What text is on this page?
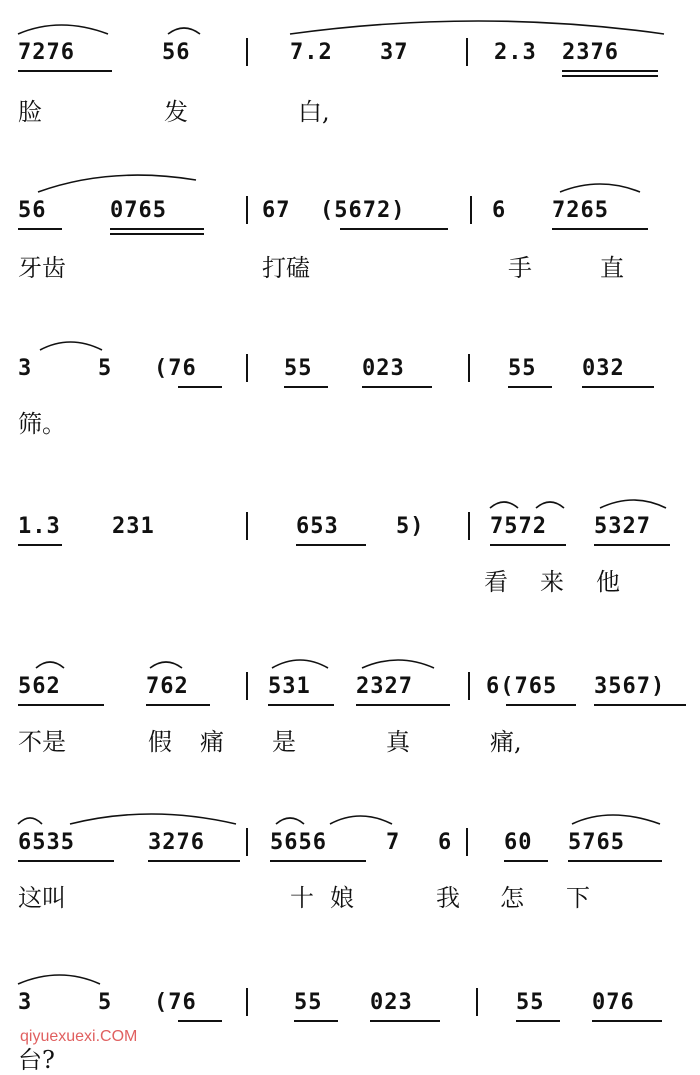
7276	56	7.2 37	2.3 2376
脸	发	白,
56	0765	67 (5672)	6 7265
牙齿	打磕	手	直
3	5 (76	55 023	55 032
筛。
1.3 231	653	5)	7572 5327
看 来 他
562	762	531 2327	6(765 3567)
不是	假 痛 是	真	痛,
6535	3276	5656	7 6 60 5765
这叫	十 娘	我 怎 下
3	5 (76	55 023	55 076
台?
qiyuexuexi.COM
